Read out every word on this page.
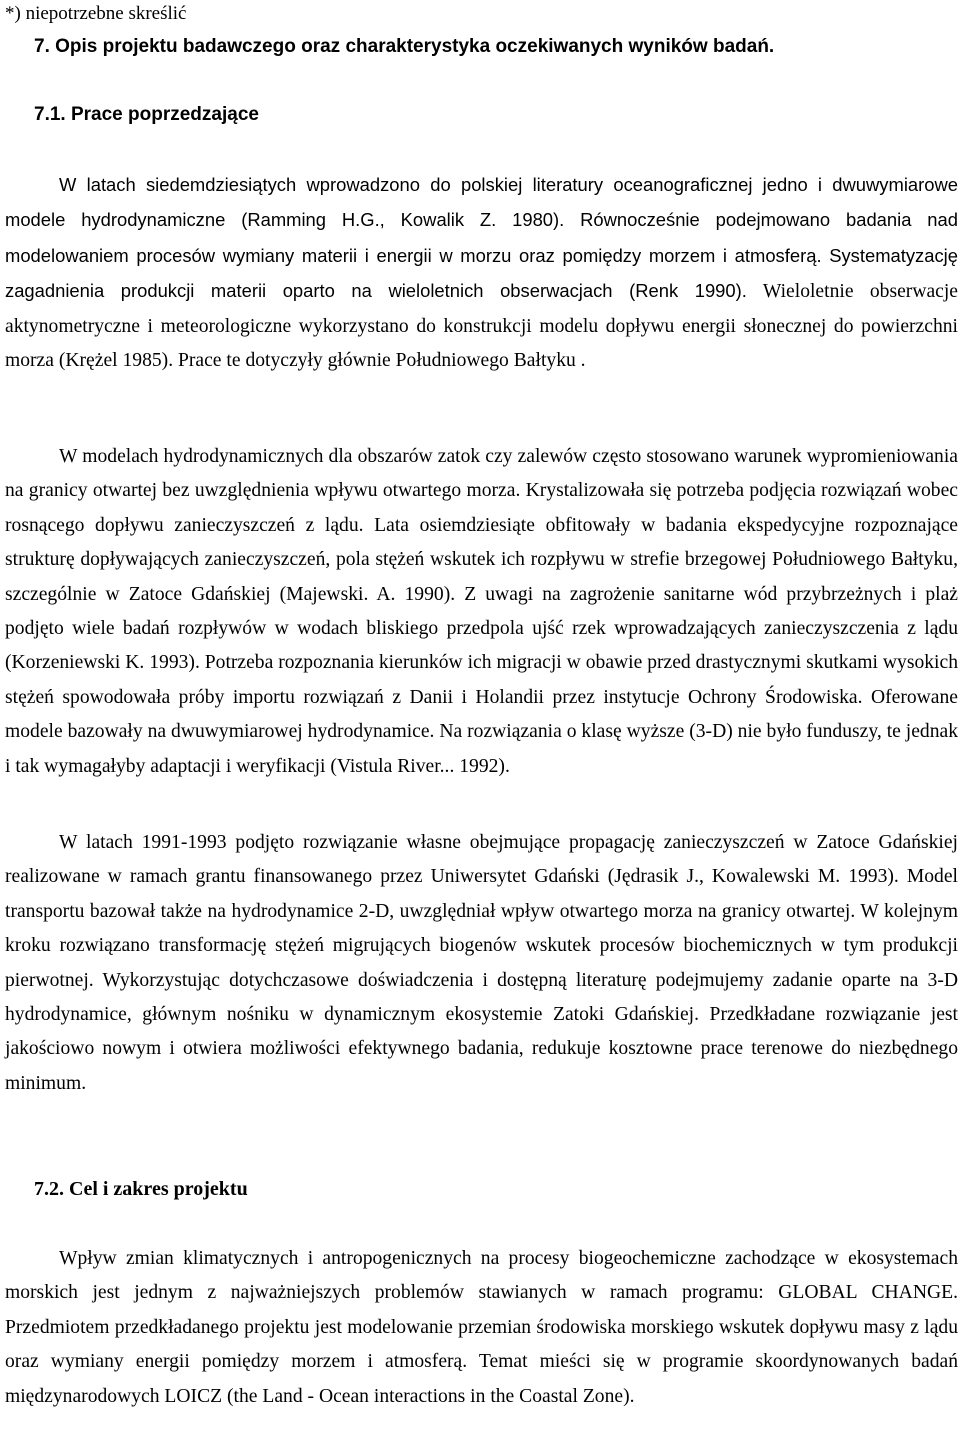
*) niepotrzebne skreślić
7. Opis projektu badawczego oraz charakterystyka oczekiwanych wyników badań.
7.1. Prace poprzedzające
W latach siedemdziesiątych wprowadzono do polskiej literatury oceanograficznej jedno i dwuwymiarowe modele hydrodynamiczne (Ramming H.G., Kowalik Z. 1980). Równocześnie podejmowano badania nad modelowaniem procesów wymiany materii i energii w morzu oraz pomiędzy morzem i atmosferą. Systematyzację zagadnienia produkcji materii oparto na wieloletnich obserwacjach (Renk 1990). Wieloletnie obserwacje aktynometryczne i meteorologiczne wykorzystano do konstrukcji modelu dopływu energii słonecznej do powierzchni morza (Krężel 1985). Prace te dotyczyły głównie Południowego Bałtyku .
W modelach hydrodynamicznych dla obszarów zatok czy zalewów często stosowano warunek wypromieniowania na granicy otwartej bez uwzględnienia wpływu otwartego morza. Krystalizowała się potrzeba podjęcia rozwiązań wobec rosnącego dopływu zanieczyszczeń z lądu. Lata osiemdziesiąte obfitowały w badania ekspedycyjne rozpoznające strukturę dopływających zanieczyszczeń, pola stężeń wskutek ich rozpływu w strefie brzegowej Południowego Bałtyku, szczególnie w Zatoce Gdańskiej (Majewski. A. 1990). Z uwagi na zagrożenie sanitarne wód przybrzeżnych i plaż podjęto wiele badań rozpływów w wodach bliskiego przedpola ujść rzek wprowadzających zanieczyszczenia z lądu (Korzeniewski K. 1993). Potrzeba rozpoznania kierunków ich migracji w obawie przed drastycznymi skutkami wysokich stężeń spowodowała próby importu rozwiązań z Danii i Holandii przez instytucje Ochrony Środowiska. Oferowane modele bazowały na dwuwymiarowej hydrodynamice. Na rozwiązania o klasę wyższe (3-D) nie było funduszy, te jednak i tak wymagałyby adaptacji i weryfikacji (Vistula River... 1992).
W latach 1991-1993 podjęto rozwiązanie własne obejmujące propagację zanieczyszczeń w Zatoce Gdańskiej realizowane w ramach grantu finansowanego przez Uniwersytet Gdański (Jędrasik J., Kowalewski M. 1993). Model transportu bazował także na hydrodynamice 2-D, uwzględniał wpływ otwartego morza na granicy otwartej. W kolejnym kroku rozwiązano transformację stężeń migrujących biogenów wskutek procesów biochemicznych w tym produkcji pierwotnej. Wykorzystując dotychczasowe doświadczenia i dostępną literaturę podejmujemy zadanie oparte na 3-D hydrodynamice, głównym nośniku w dynamicznym ekosystemie Zatoki Gdańskiej. Przedkładane rozwiązanie jest jakościowo nowym i otwiera możliwości efektywnego badania, redukuje kosztowne prace terenowe do niezbędnego minimum.
7.2. Cel i zakres projektu
Wpływ zmian klimatycznych i antropogenicznych na procesy biogeochemiczne zachodzące w ekosystemach morskich jest jednym z najważniejszych problemów stawianych w ramach programu: GLOBAL CHANGE. Przedmiotem przedkładanego projektu jest modelowanie przemian środowiska morskiego wskutek dopływu masy z lądu oraz wymiany energii pomiędzy morzem i atmosferą. Temat mieści się w programie skoordynowanych badań międzynarodowych LOICZ (the Land - Ocean interactions in the Coastal Zone).
